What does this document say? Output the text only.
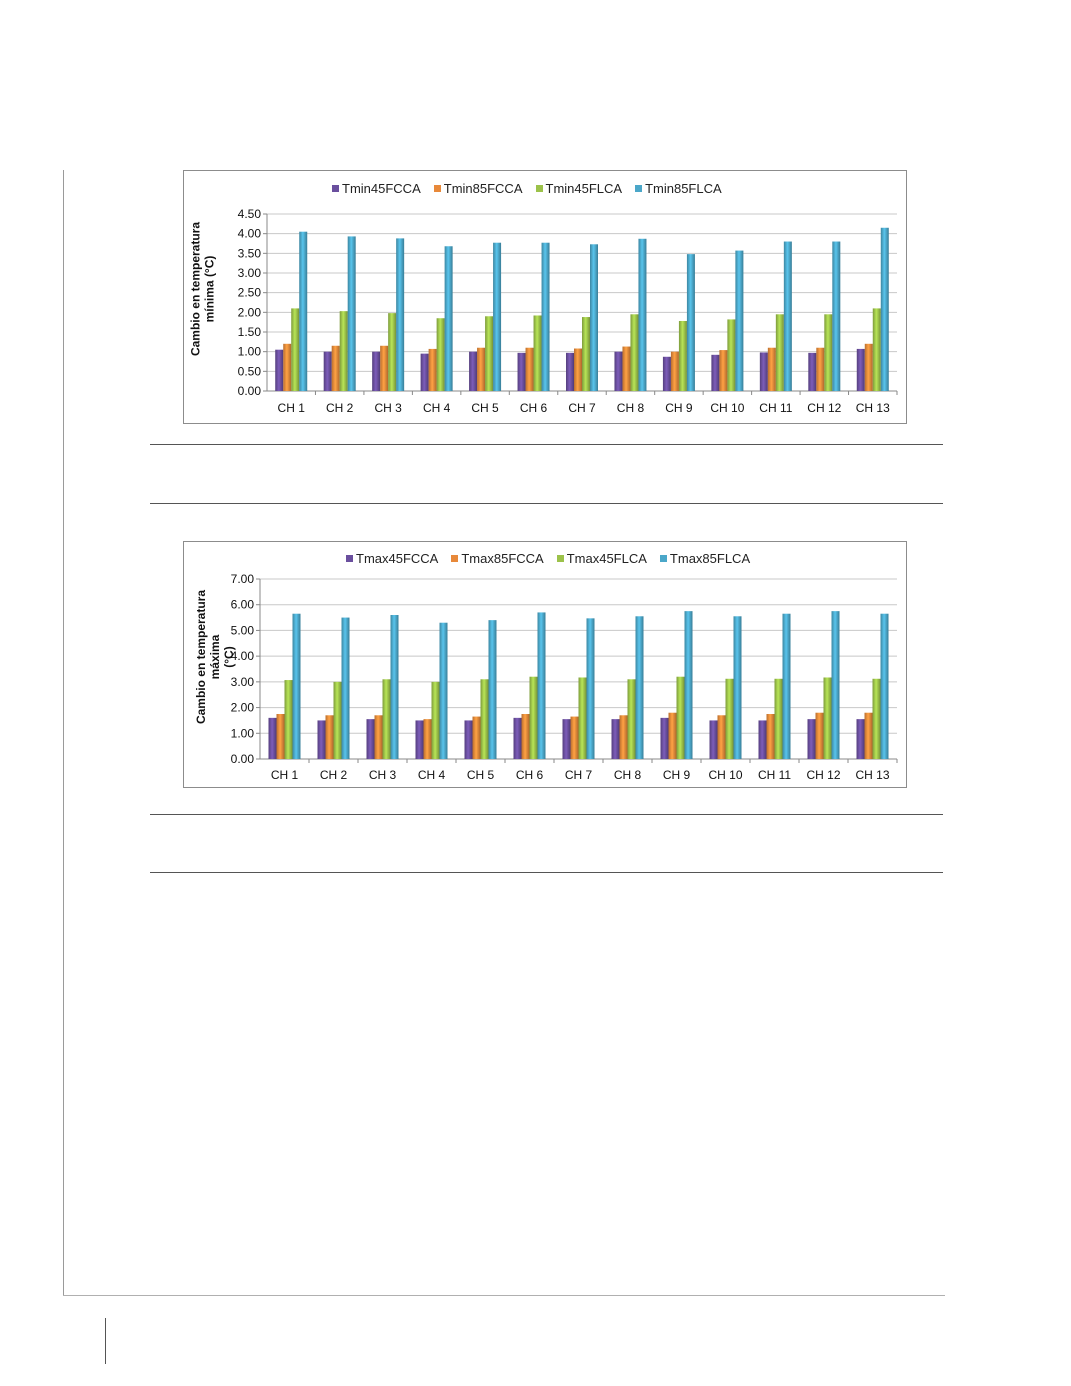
Tmin45FCCA Tmin85FCCA Tmin45FLCA Tmin85FLCA
Cambio en temperatura mínima (°C)
0.00
0.50
1.00
1.50
2.00
2.50
3.00
3.50
4.00
4.50
CH 1 CH 2 CH 3 CH 4 CH 5 CH 6 CH 7 CH 8 CH 9 CH 10 CH 11 CH 12 CH 13
Tmax45FCCA Tmax85FCCA Tmax45FLCA Tmax85FLCA
Cambio en temperatura máxima (°C)
0.00
1.00
2.00
3.00
4.00
5.00
6.00
7.00
CH 1 CH 2 CH 3 CH 4 CH 5 CH 6 CH 7 CH 8 CH 9 CH 10 CH 11 CH 12 CH 13
